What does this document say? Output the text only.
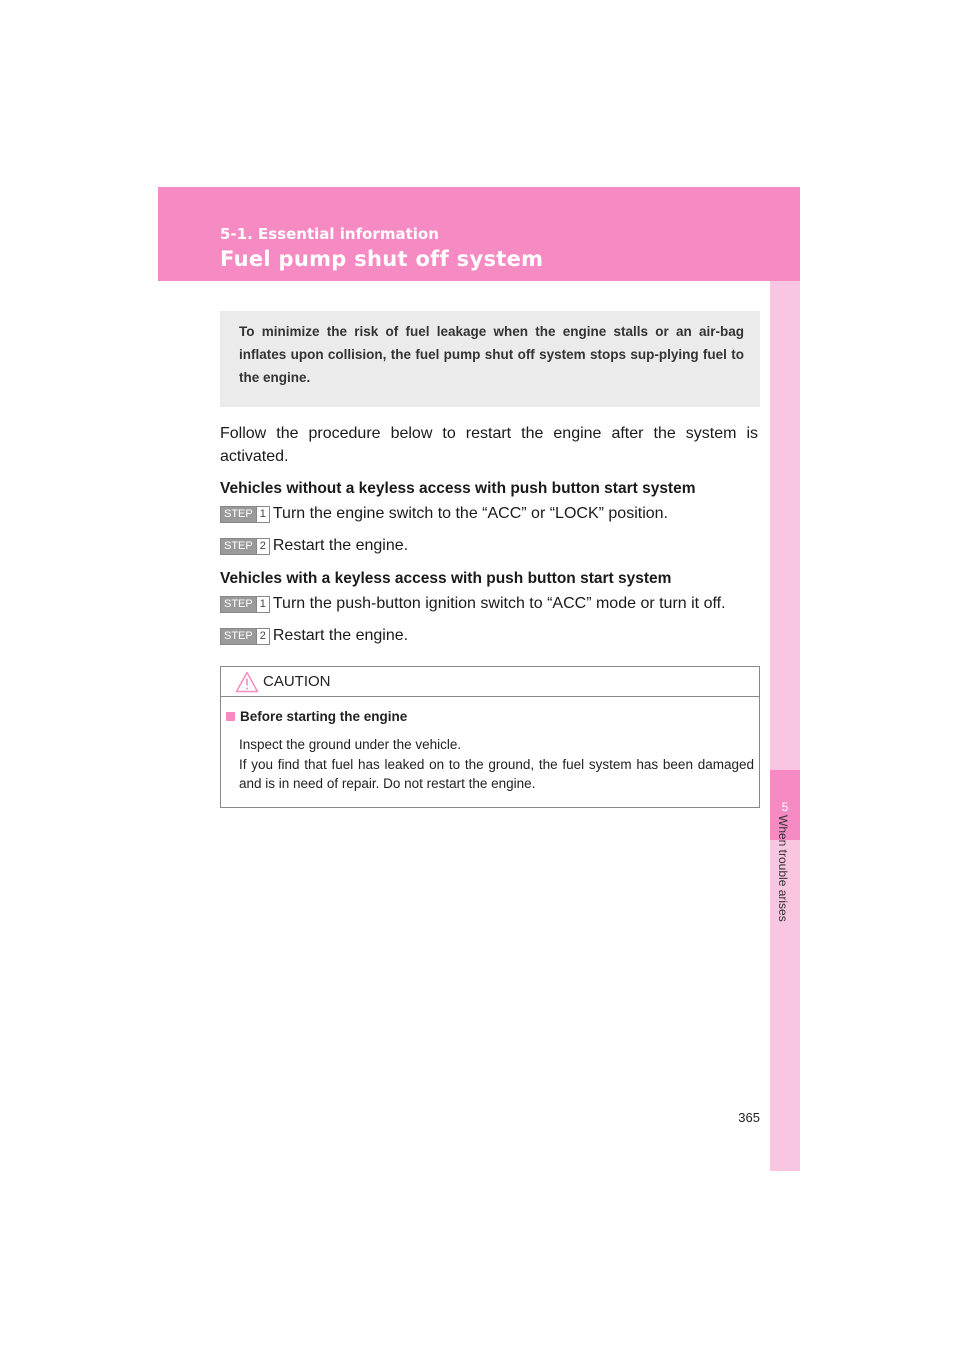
5-1. Essential information
Fuel pump shut off system
5
When trouble arises
To minimize the risk of fuel leakage when the engine stalls or an air-bag inflates upon collision, the fuel pump shut off system stops sup-plying fuel to the engine.
Follow the procedure below to restart the engine after the system is activated.
Vehicles without a keyless access with push button start system
STEP 1 Turn the engine switch to the “ACC” or “LOCK” position.
STEP 2 Restart the engine.
Vehicles with a keyless access with push button start system
STEP 1 Turn the push-button ignition switch to “ACC” mode or turn it off.
STEP 2 Restart the engine.
CAUTION
Before starting the engine
Inspect the ground under the vehicle.
If you find that fuel has leaked on to the ground, the fuel system has been damaged and is in need of repair. Do not restart the engine.
365
